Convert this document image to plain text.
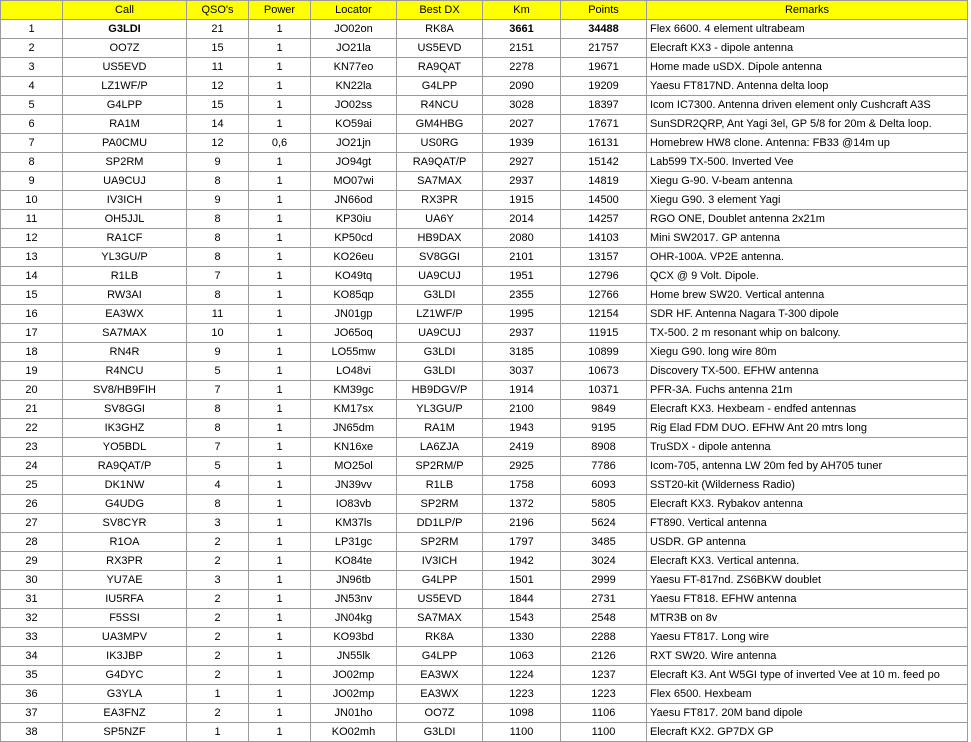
	Call	QSO's	Power	Locator	Best DX	Km	Points	Remarks
1	G3LDI	21	1	JO02on	RK8A	3661	34488	Flex 6600. 4 element ultrabeam
2	OO7Z	15	1	JO21la	US5EVD	2151	21757	Elecraft KX3 - dipole antenna
3	US5EVD	11	1	KN77eo	RA9QAT	2278	19671	Home made uSDX. Dipole antenna
4	LZ1WF/P	12	1	KN22la	G4LPP	2090	19209	Yaesu FT817ND. Antenna delta loop
5	G4LPP	15	1	JO02ss	R4NCU	3028	18397	Icom IC7300. Antenna driven element only Cushcraft A3S
6	RA1M	14	1	KO59ai	GM4HBG	2027	17671	SunSDR2QRP, Ant Yagi 3el, GP 5/8 for 20m & Delta loop.
7	PA0CMU	12	0,6	JO21jn	US0RG	1939	16131	Homebrew HW8 clone. Antenna: FB33 @14m up
8	SP2RM	9	1	JO94gt	RA9QAT/P	2927	15142	Lab599 TX-500. Inverted Vee
9	UA9CUJ	8	1	MO07wi	SA7MAX	2937	14819	Xiegu G-90. V-beam antenna
10	IV3ICH	9	1	JN66od	RX3PR	1915	14500	Xiegu G90. 3 element Yagi
11	OH5JJL	8	1	KP30iu	UA6Y	2014	14257	RGO ONE, Doublet antenna 2x21m
12	RA1CF	8	1	KP50cd	HB9DAX	2080	14103	Mini SW2017. GP antenna
13	YL3GU/P	8	1	KO26eu	SV8GGI	2101	13157	OHR-100A. VP2E antenna.
14	R1LB	7	1	KO49tq	UA9CUJ	1951	12796	QCX @ 9 Volt. Dipole.
15	RW3AI	8	1	KO85qp	G3LDI	2355	12766	Home brew SW20. Vertical antenna
16	EA3WX	11	1	JN01gp	LZ1WF/P	1995	12154	SDR HF. Antenna Nagara T-300 dipole
17	SA7MAX	10	1	JO65oq	UA9CUJ	2937	11915	TX-500. 2 m resonant whip on balcony.
18	RN4R	9	1	LO55mw	G3LDI	3185	10899	Xiegu G90. long wire 80m
19	R4NCU	5	1	LO48vi	G3LDI	3037	10673	Discovery TX-500. EFHW antenna
20	SV8/HB9FIH	7	1	KM39gc	HB9DGV/P	1914	10371	PFR-3A. Fuchs antenna 21m
21	SV8GGI	8	1	KM17sx	YL3GU/P	2100	9849	Elecraft KX3. Hexbeam - endfed antennas
22	IK3GHZ	8	1	JN65dm	RA1M	1943	9195	Rig Elad FDM DUO. EFHW Ant 20 mtrs long
23	YO5BDL	7	1	KN16xe	LA6ZJA	2419	8908	TruSDX - dipole antenna
24	RA9QAT/P	5	1	MO25ol	SP2RM/P	2925	7786	Icom-705, antenna LW 20m fed by AH705 tuner
25	DK1NW	4	1	JN39vv	R1LB	1758	6093	SST20-kit (Wilderness Radio)
26	G4UDG	8	1	IO83vb	SP2RM	1372	5805	Elecraft KX3. Rybakov antenna
27	SV8CYR	3	1	KM37ls	DD1LP/P	2196	5624	FT890. Vertical antenna
28	R1OA	2	1	LP31gc	SP2RM	1797	3485	USDR. GP antenna
29	RX3PR	2	1	KO84te	IV3ICH	1942	3024	Elecraft KX3. Vertical antenna.
30	YU7AE	3	1	JN96tb	G4LPP	1501	2999	Yaesu FT-817nd. ZS6BKW doublet
31	IU5RFA	2	1	JN53nv	US5EVD	1844	2731	Yaesu FT818. EFHW antenna
32	F5SSI	2	1	JN04kg	SA7MAX	1543	2548	MTR3B on 8v
33	UA3MPV	2	1	KO93bd	RK8A	1330	2288	Yaesu FT817. Long wire
34	IK3JBP	2	1	JN55lk	G4LPP	1063	2126	RXT SW20. Wire antenna
35	G4DYC	2	1	JO02mp	EA3WX	1224	1237	Elecraft K3. Ant W5GI type of inverted Vee at 10 m. feed po
36	G3YLA	1	1	JO02mp	EA3WX	1223	1223	Flex 6500. Hexbeam
37	EA3FNZ	2	1	JN01ho	OO7Z	1098	1106	Yaesu FT817. 20M band dipole
38	SP5NZF	1	1	KO02mh	G3LDI	1100	1100	Elecraft KX2. GP7DX GP
